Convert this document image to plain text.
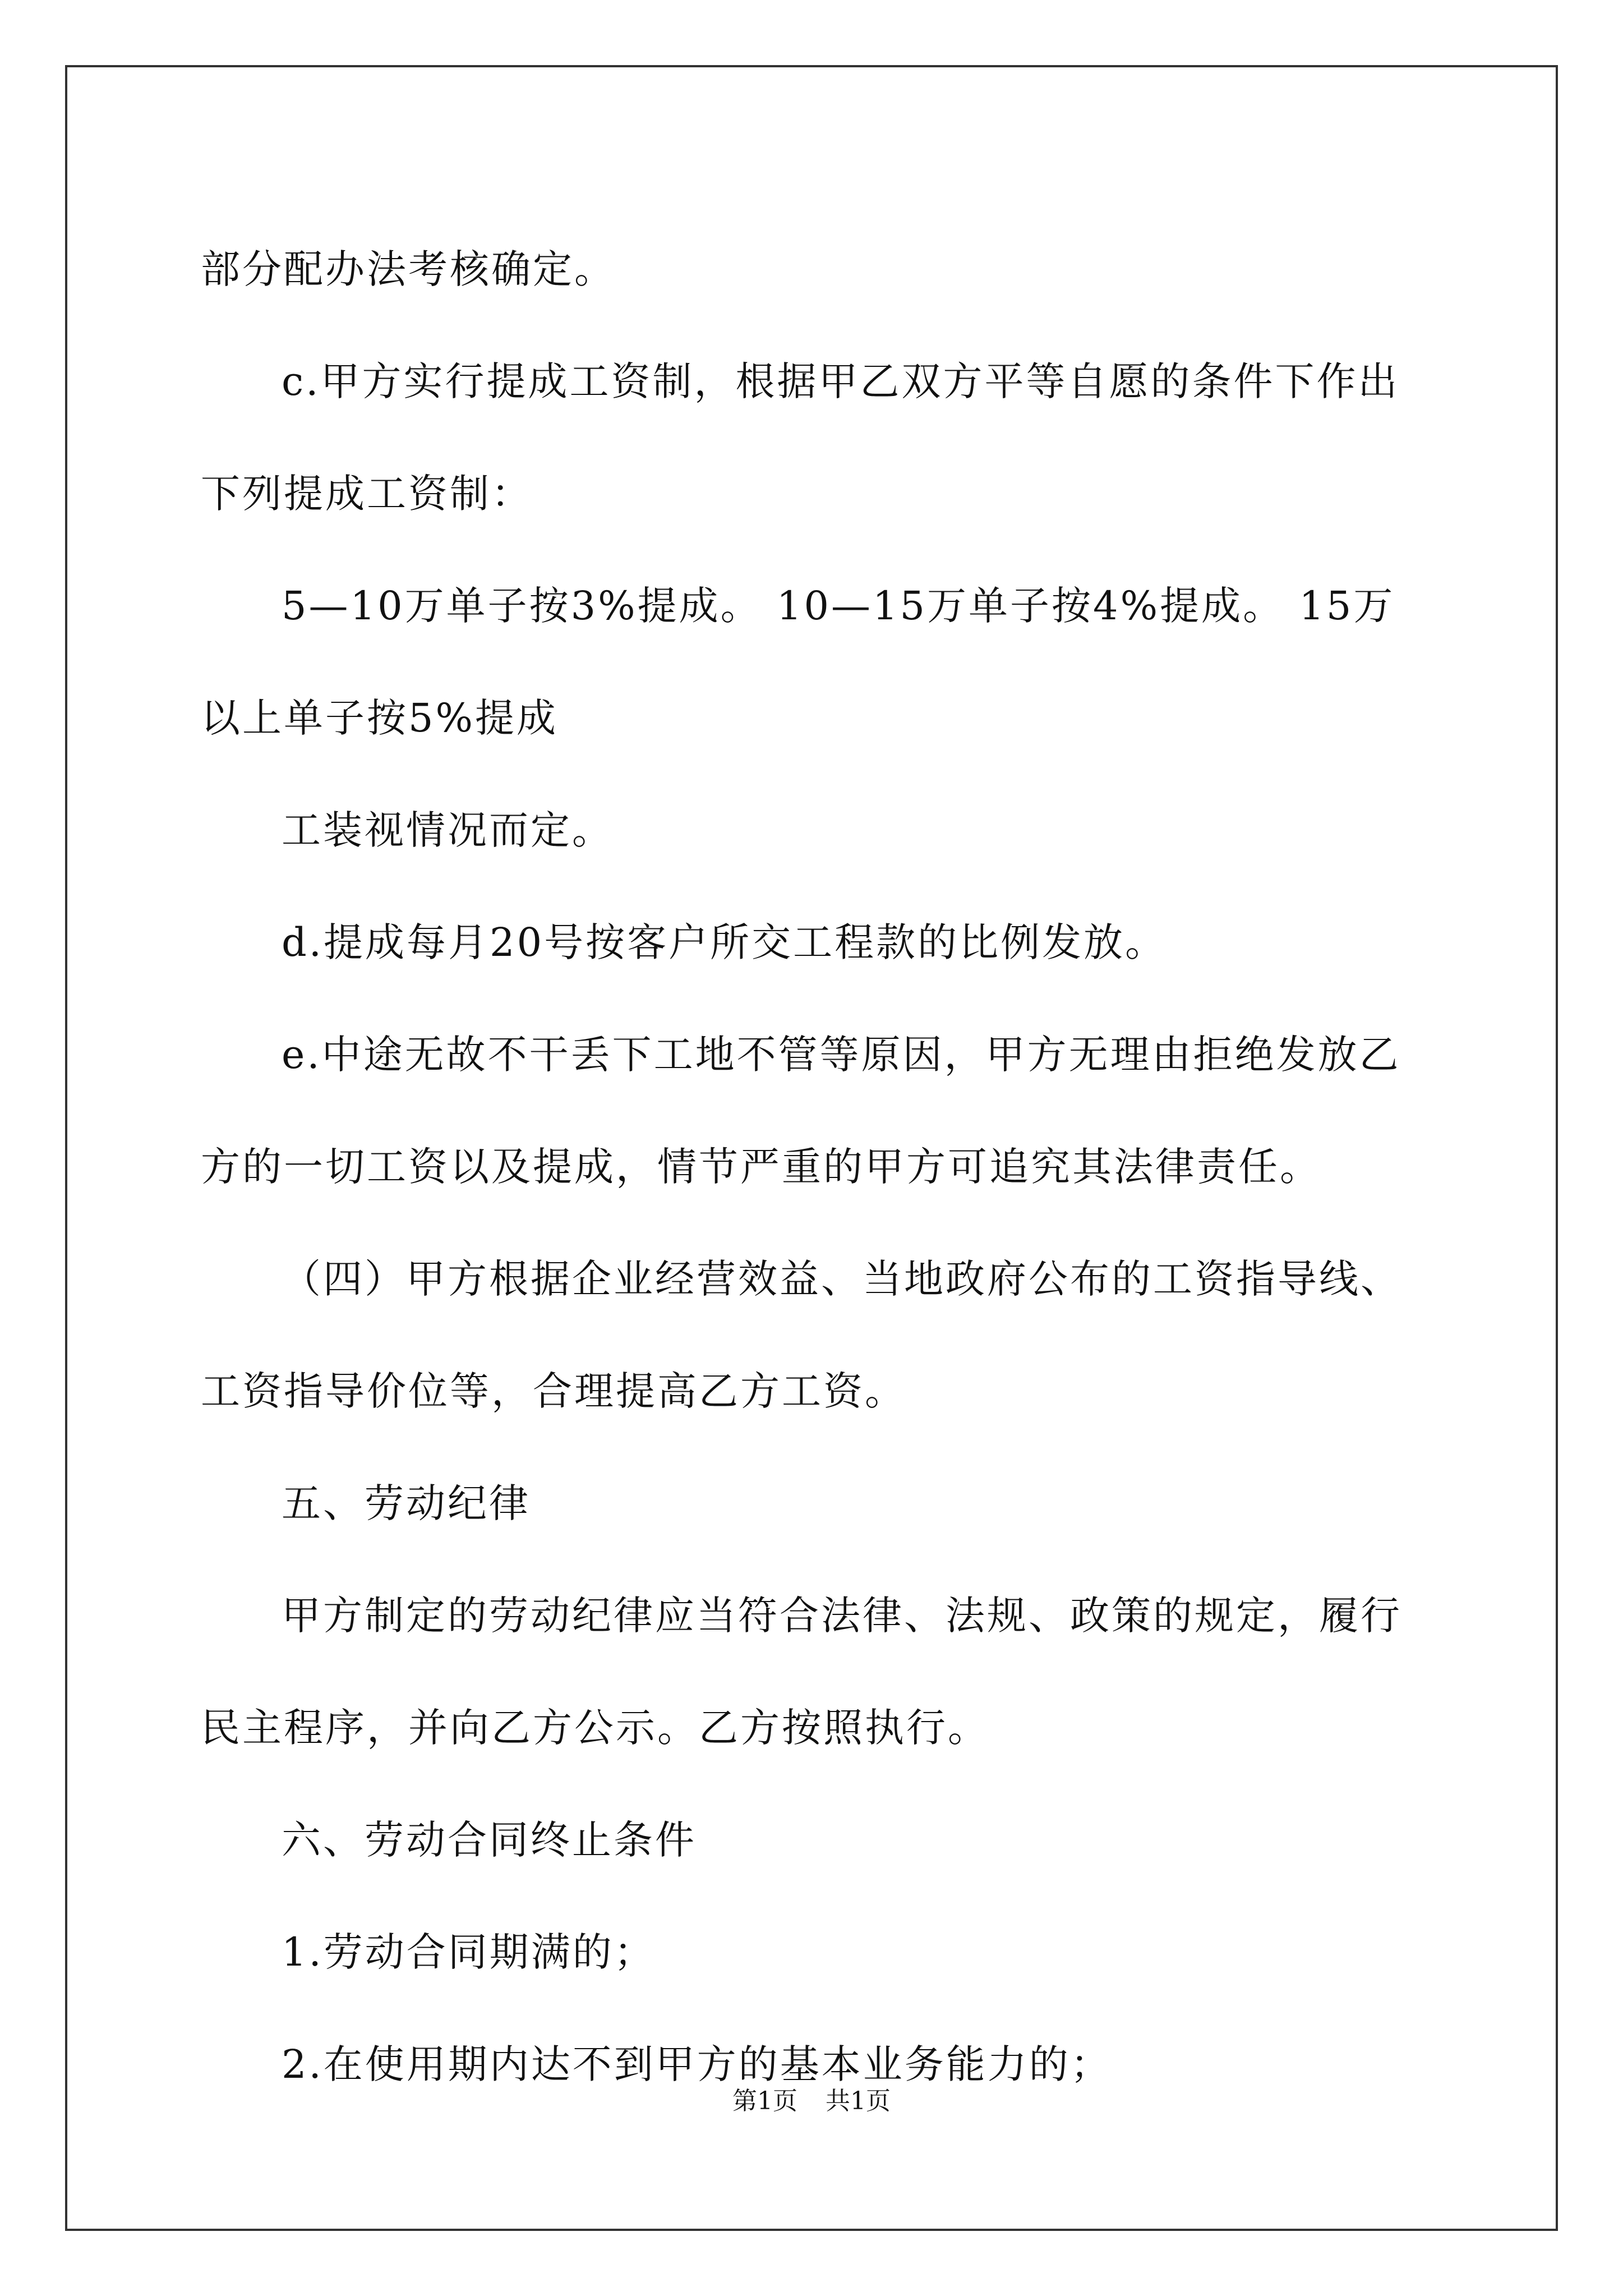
部分配办法考核确定。

c.甲方实行提成工资制，根据甲乙双方平等自愿的条件下作出下列提成工资制：

5—10万单子按3%提成。 10—15万单子按4%提成。 15万以上单子按5%提成

工装视情况而定。

d.提成每月20号按客户所交工程款的比例发放。

e.中途无故不干丢下工地不管等原因，甲方无理由拒绝发放乙方的一切工资以及提成，情节严重的甲方可追究其法律责任。

（四）甲方根据企业经营效益、当地政府公布的工资指导线、工资指导价位等，合理提高乙方工资。

五、劳动纪律

甲方制定的劳动纪律应当符合法律、法规、政策的规定，履行民主程序，并向乙方公示。乙方按照执行。

六、劳动合同终止条件

1.劳动合同期满的；

2.在使用期内达不到甲方的基本业务能力的；

第1页 共1页
